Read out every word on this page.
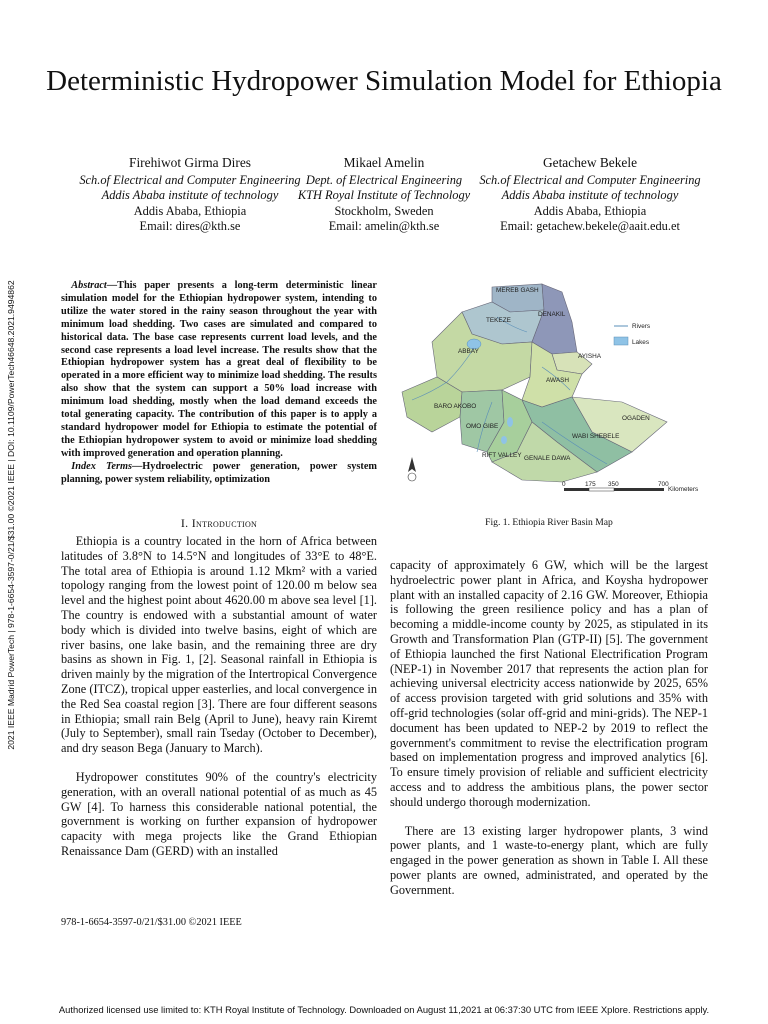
Deterministic Hydropower Simulation Model for Ethiopia
Firehiwot Girma Dires
Sch.of Electrical and Computer Engineering
Addis Ababa institute of technology
Addis Ababa, Ethiopia
Email: dires@kth.se
Mikael Amelin
Dept. of Electrical Engineering
KTH Royal Institute of Technology
Stockholm, Sweden
Email: amelin@kth.se
Getachew Bekele
Sch.of Electrical and Computer Engineering
Addis Ababa institute of technology
Addis Ababa, Ethiopia
Email: getachew.bekele@aait.edu.et
2021 IEEE Madrid PowerTech | 978-1-6654-3597-0/21/$31.00 ©2021 IEEE | DOI: 10.1109/PowerTech46648.2021.9494862	Abstract—This paper presents a long-term deterministic linear simulation model for the Ethiopian hydropower system, intending to utilize the water stored in the rainy season throughout the year with minimum load shedding. Two cases are simulated and compared to historical data. The base case represents current load levels, and the second case represents a load level increase. The results show that the Ethiopian hydropower system has a great deal of flexibility to be operated in a more efficient way to minimize load shedding. The results also show that the system can support a 50% load increase with minimum load shedding, mostly when the load demand exceeds the total generating capacity. The contribution of this paper is to apply a standard hydropower model for Ethiopia to estimate the potential of the Ethiopian hydropower system to avoid or minimize load shedding with improved generation and operation planning.

Index Terms—Hydroelectric power generation, power system planning, power system reliability, optimization

I. Introduction

Ethiopia is a country located in the horn of Africa between latitudes of 3.8°N to 14.5°N and longitudes of 33°E to 48°E. The total area of Ethiopia is around 1.12 Mkm² with a varied topology ranging from the lowest point of 120.00 m below sea level and the highest point about 4620.00 m above sea level [1]. The country is endowed with a substantial amount of water body which is divided into twelve basins, eight of which are river basins, one lake basin, and the remaining three are dry basins as shown in Fig. 1, [2]. Seasonal rainfall in Ethiopia is driven mainly by the migration of the Intertropical Convergence Zone (ITCZ), tropical upper easterlies, and local convergence in the Red Sea coastal region [3]. There are four different seasons in Ethiopia; small rain Belg (April to June), heavy rain Kiremt (July to September), small rain Tseday (October to December), and dry season Bega (January to March).

Hydropower constitutes 90% of the country's electricity generation, with an overall national potential of as much as 45 GW [4]. To harness this considerable national potential, the government is working on further expansion of hydropower capacity with mega projects like the Grand Ethiopian Renaissance Dam (GERD) with an installed

MEREB GASH
TEKEZE
DENAKIL
ABBAY
AYISHA
AWASH
BARO AKOBO
OMO GIBE
OGADEN
WABI SHEBELE
RIFT VALLEY GENALE DAWA
Rivers
Lakes
0	175 350	700
Kilometers
Fig. 1. Ethiopia River Basin Map

capacity of approximately 6 GW, which will be the largest hydroelectric power plant in Africa, and Koysha hydropower plant with an installed capacity of 2.16 GW. Moreover, Ethiopia is following the green resilience policy and has a plan of becoming a middle-income county by 2025, as stipulated in its Growth and Transformation Plan (GTP-II) [5]. The government of Ethiopia launched the first National Electrification Program (NEP-1) in November 2017 that represents the action plan for achieving universal electricity access nationwide by 2025, 65% of access provision targeted with grid solutions and 35% with off-grid technologies (solar off-grid and mini-grids). The NEP-1 document has been updated to NEP-2 by 2019 to reflect the government's commitment to revise the electrification program based on implementation progress and improved analytics [6]. To ensure timely provision of reliable and sufficient electricity access and to address the ambitious plans, the power sector should undergo thorough modernization.

There are 13 existing larger hydropower plants, 3 wind power plants, and 1 waste-to-energy plant, which are fully engaged in the power generation as shown in Table I. All these power plants are owned, administrated, and operated by the Government.

978-1-6654-3597-0/21/$31.00 ©2021 IEEE
Authorized licensed use limited to: KTH Royal Institute of Technology. Downloaded on August 11,2021 at 06:37:30 UTC from IEEE Xplore. Restrictions apply.
